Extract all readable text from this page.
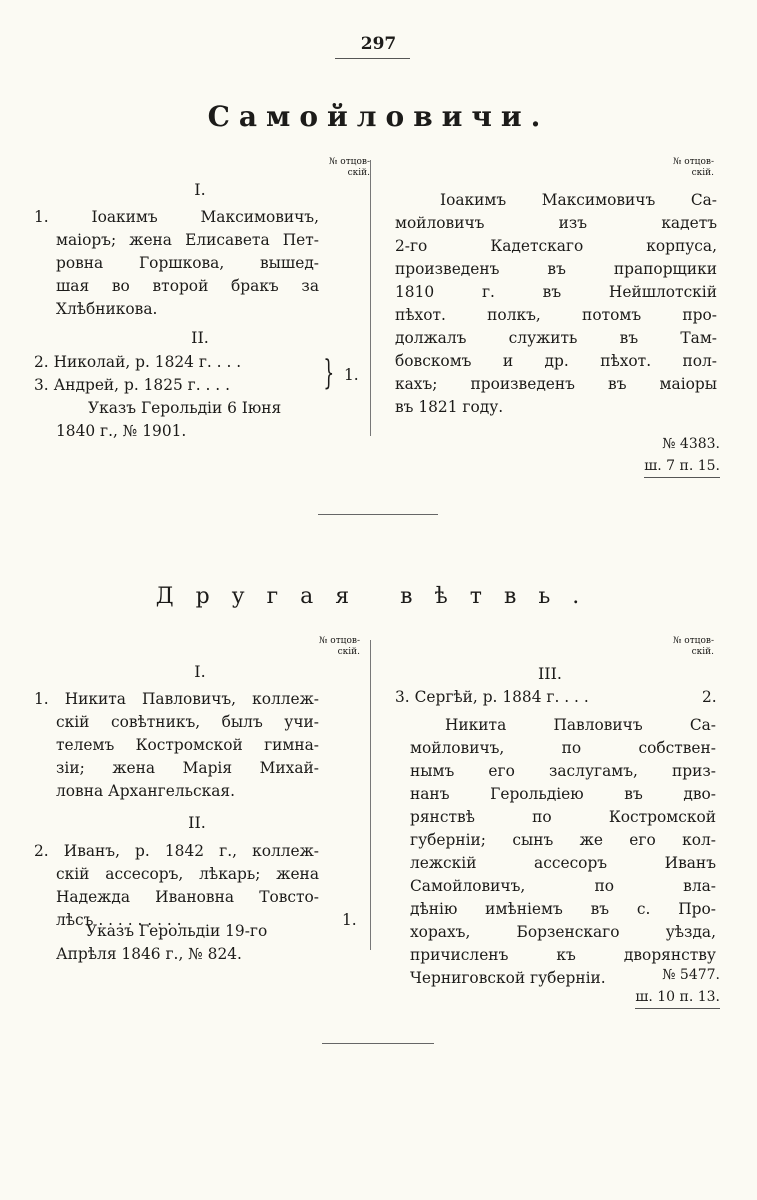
297
Самойловичи.
№ отцов-
скій.
№ отцов-
скій.
I.
1. Іоакимъ Максимовичъ,
маіоръ; жена Елисавета Пет-
ровна Горшкова, вышед-
шая во второй бракъ за
Хлѣбникова.
II.
2. Николай, р. 1824 г. . . .
3. Андрей, р. 1825 г. . . .	} 1.
Указъ Герольдіи 6 Іюня
1840 г., № 1901.
Іоакимъ Максимовичъ Са-
мойловичъ изъ кадетъ
2-го Кадетскаго корпуса,
произведенъ въ прапорщики
1810 г. въ Нейшлотскій
пѣхот. полкъ, потомъ про-
должалъ служить въ Там-
бовскомъ и др. пѣхот. пол-
кахъ; произведенъ въ маіоры
въ 1821 году.
№ 4383.
ш. 7 п. 15.
Другая вѣтвь.
№ отцов-
скій.
№ отцов-
скій.
I.
1. Никита Павловичъ, коллеж-
скій совѣтникъ, былъ учи-
телемъ Костромской гимна-
зіи; жена Марія Михай-
ловна Архангельская.
II.
2. Иванъ, р. 1842 г., коллеж-
скій ассесоръ, лѣкарь; жена
Надежда Ивановна Товсто-
лѣсъ . . . . . . . . .	1.
Указъ Герольдіи 19-го
Апрѣля 1846 г., № 824.
III.
3. Сергѣй, р. 1884 г. . . .	2.
Никита Павловичъ Са-
мойловичъ, по собствен-
нымъ его заслугамъ, приз-
нанъ Герольдіею въ дво-
рянствѣ по Костромской
губерніи; сынъ же его кол-
лежскій ассесоръ Иванъ
Самойловичъ, по вла-
дѣнію имѣніемъ въ с. Про-
хорахъ, Борзенскаго уѣзда,
причисленъ къ дворянству
Черниговской губерніи.	№ 5477.
ш. 10 п. 13.
